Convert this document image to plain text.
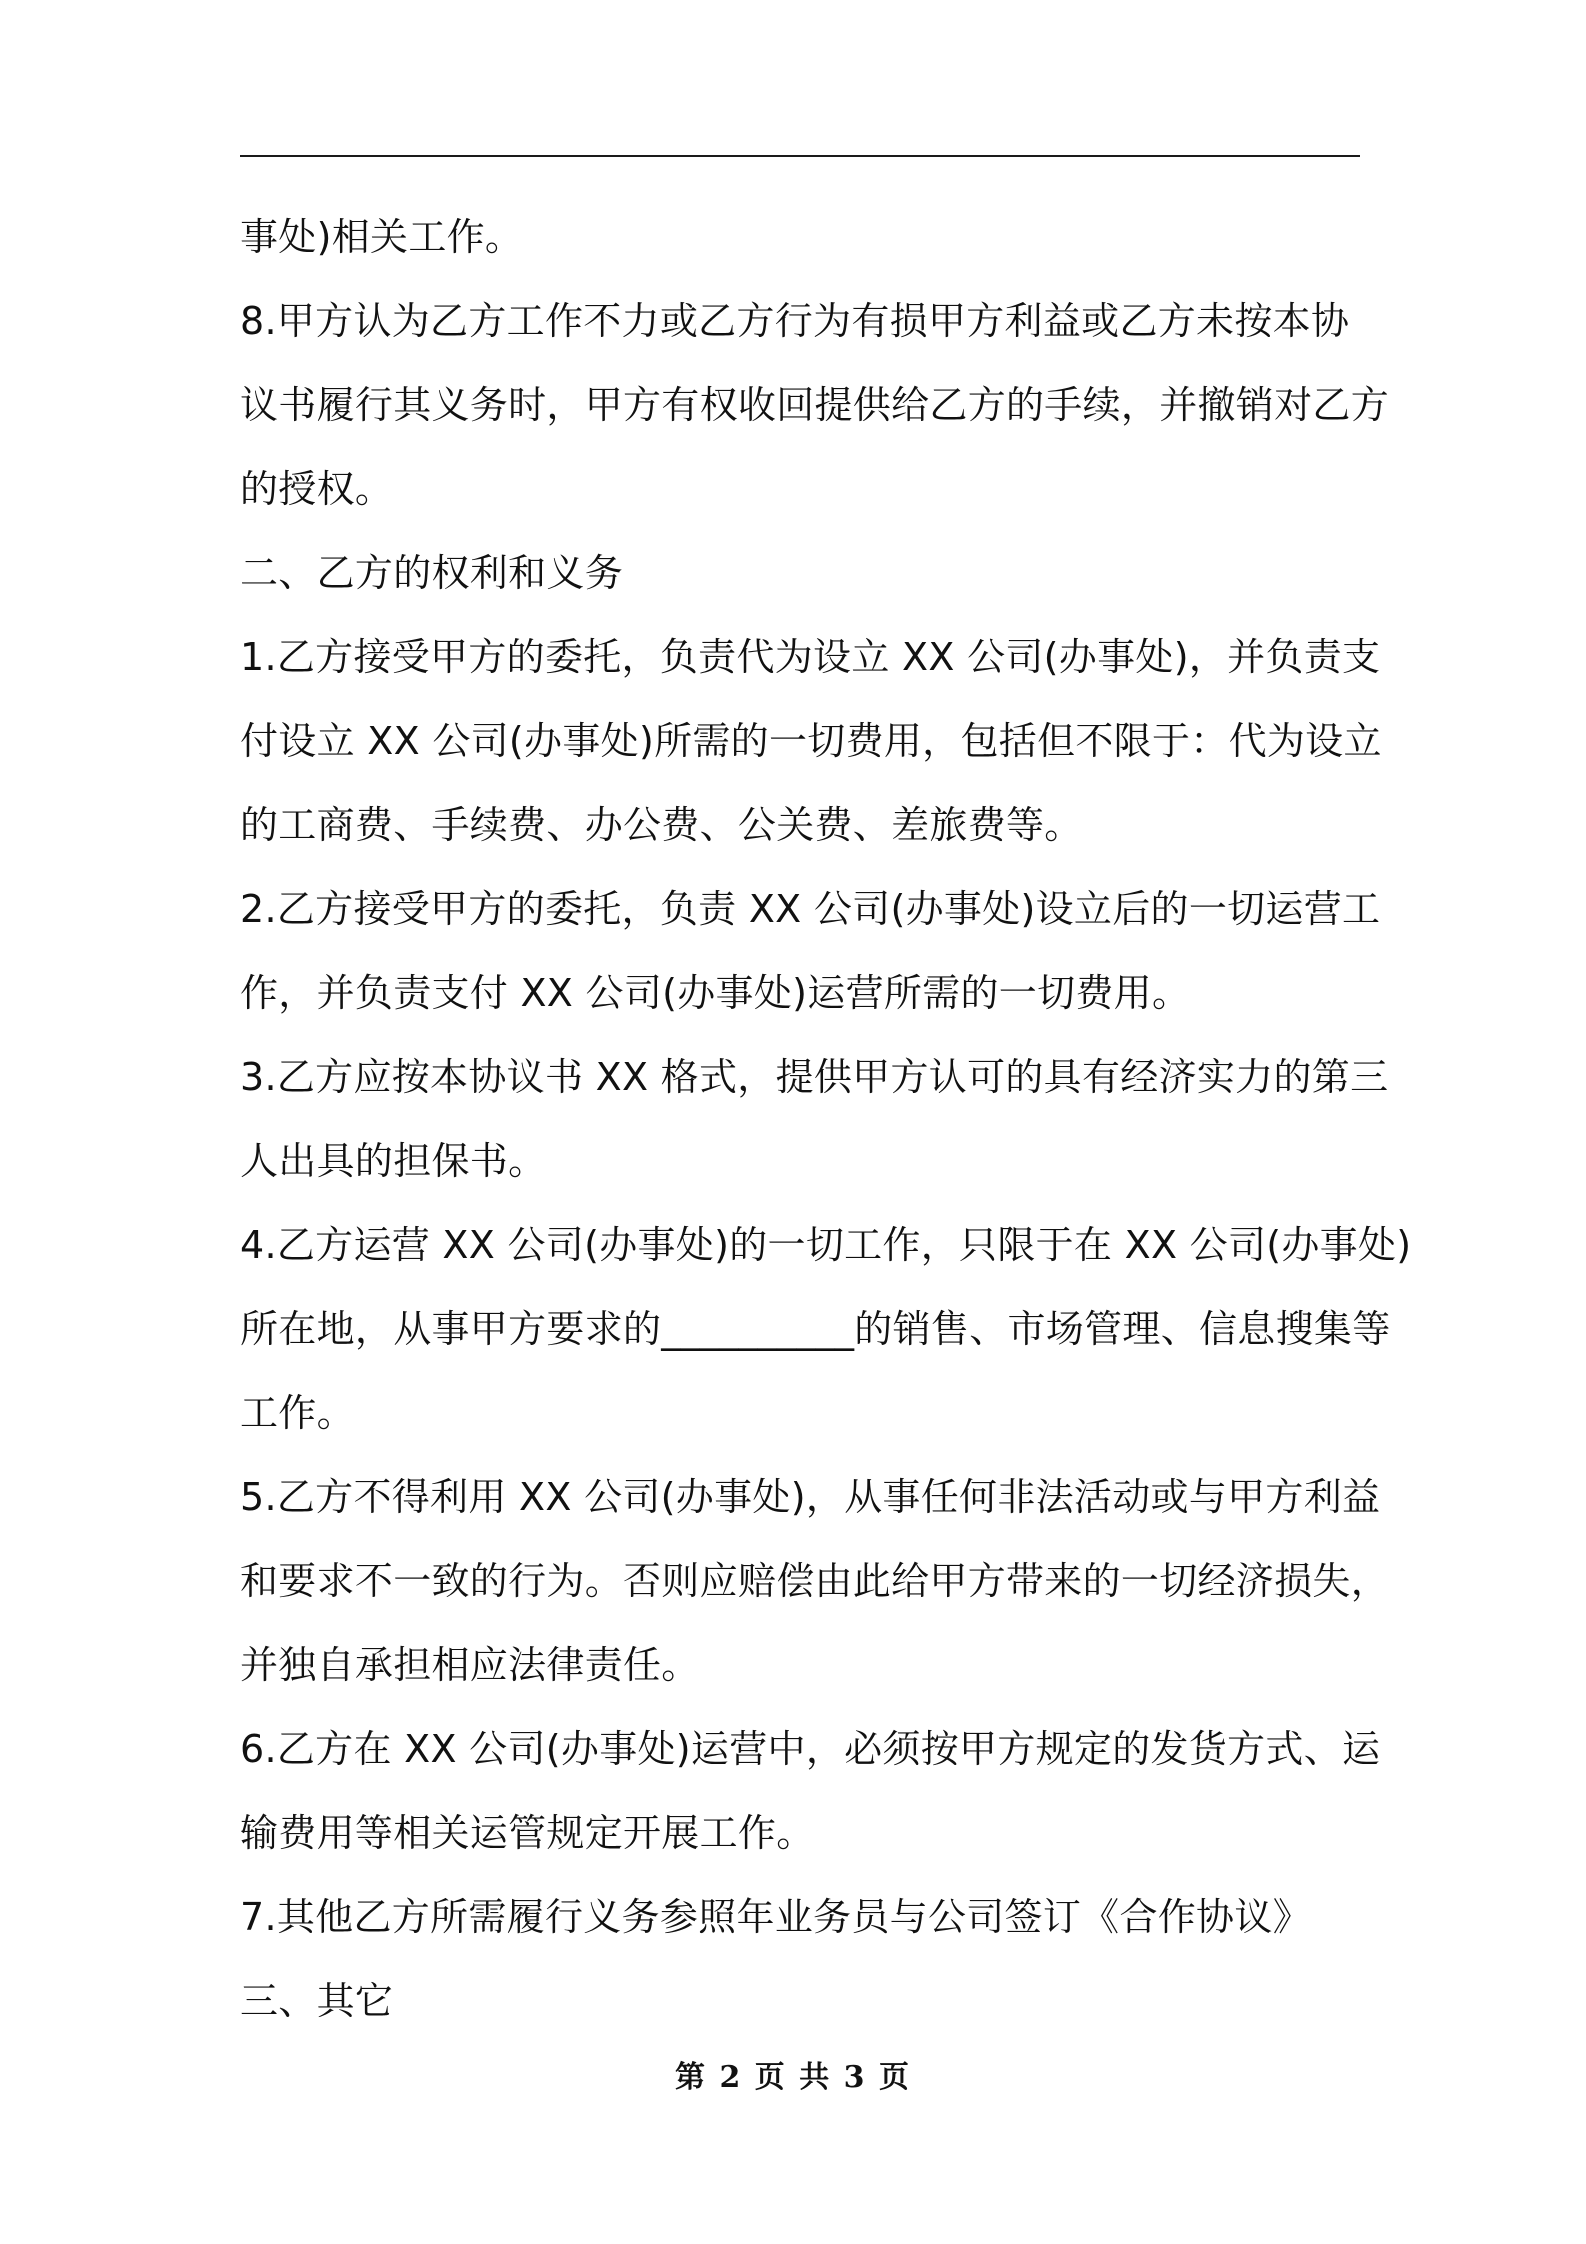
事处)相关工作。
8.甲方认为乙方工作不力或乙方行为有损甲方利益或乙方未按本协
议书履行其义务时，甲方有权收回提供给乙方的手续，并撤销对乙方
的授权。
二、乙方的权利和义务
1.乙方接受甲方的委托，负责代为设立 XX 公司(办事处)，并负责支
付设立 XX 公司(办事处)所需的一切费用，包括但不限于：代为设立
的工商费、手续费、办公费、公关费、差旅费等。
2.乙方接受甲方的委托，负责 XX 公司(办事处)设立后的一切运营工
作，并负责支付 XX 公司(办事处)运营所需的一切费用。
3.乙方应按本协议书 XX 格式，提供甲方认可的具有经济实力的第三
人出具的担保书。
4.乙方运营 XX 公司(办事处)的一切工作，只限于在 XX 公司(办事处)
所在地，从事甲方要求的__________的销售、市场管理、信息搜集等
工作。
5.乙方不得利用 XX 公司(办事处)，从事任何非法活动或与甲方利益
和要求不一致的行为。否则应赔偿由此给甲方带来的一切经济损失，
并独自承担相应法律责任。
6.乙方在 XX 公司(办事处)运营中，必须按甲方规定的发货方式、运
输费用等相关运管规定开展工作。
7.其他乙方所需履行义务参照年业务员与公司签订《合作协议》
三、其它
第 2 页 共 3 页
